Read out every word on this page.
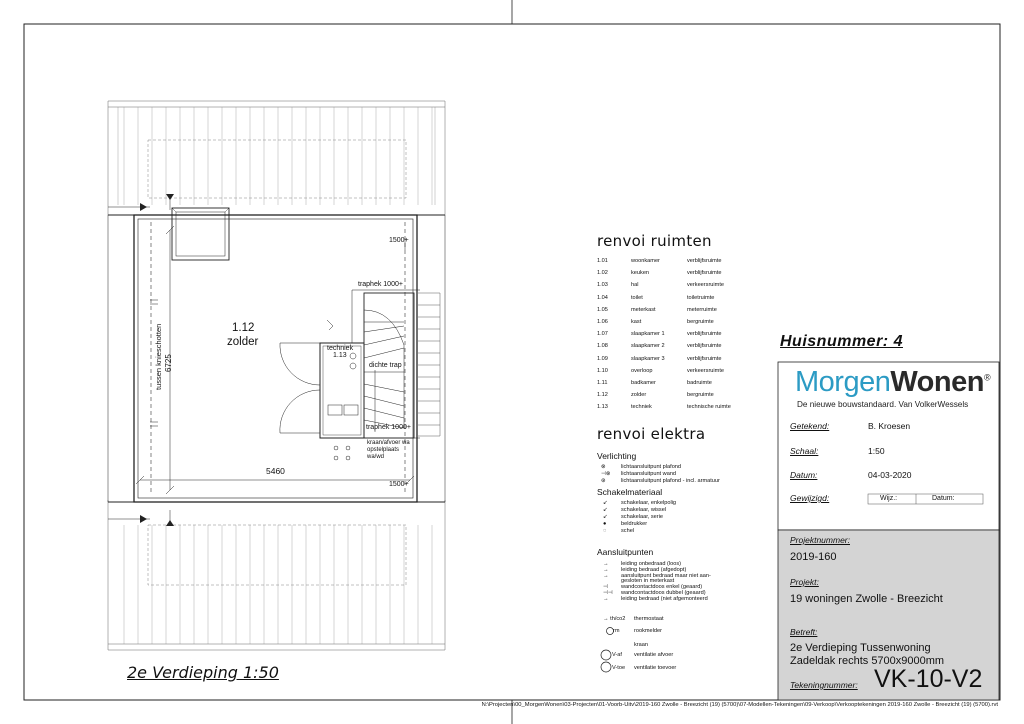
1.12
zolder
techniek
1.13
tussen knieschotten 6725
5460
1500+
1500+
traphek 1000+
traphek 1000+
dichte trap
kraan/afvoer wa
opstelplaats
wa/wd
2e Verdieping 1:50
renvoi ruimten
1.01	woonkamer	verblijfsruimte
1.02	keuken	verblijfsruimte
1.03	hal	verkeersruimte
1.04	toilet	toiletruimte
1.05	meterkast	meterruimte
1.06	kast	bergruimte
1.07	slaapkamer 1	verblijfsruimte
1.08	slaapkamer 2	verblijfsruimte
1.09	slaapkamer 3	verblijfsruimte
1.10	overloop	verkeersruimte
1.11	badkamer	badruimte
1.12	zolder	bergruimte
1.13	techniek	technische ruimte
renvoi elektra
Verlichting
⊗	lichtaansluitpunt plafond
⊣⊗ lichtaansluitpunt wand
⊛	lichtaansluitpunt plafond - incl. armatuur
Schakelmateriaal
↙ schakelaar, enkelpolig
↙ schakelaar, wissel
↙ schakelaar, serie
●	beldrukker
◌	schel
Aansluitpunten
→ leiding onbedraad (loos)
→ leiding bedraad (afgedopt)
→ aansluitpunt bedraad maar niet aan-
gesloten in meterkast
⊣ wandcontactdoos enkel (geaard)
⊣⊣ wandcontactdoos dubbel (geaard)
→ leiding bedraad (niet afgemonteerd
→ th/co2 thermostaat
rm	rookmelder
kraan
V-af ventilatie afvoer
V-toe ventilatie toevoer
Huisnummer: 4
MorgenWonen®
De nieuwe bouwstandaard. Van VolkerWessels
Getekend:	B. Kroesen
Schaal:	1:50
Datum:	04-03-2020
Gewijzigd:	Wijz.:	Datum:
Projektnummer:
2019-160
Projekt:
19 woningen Zwolle - Breezicht
Betreft:
2e Verdieping Tussenwoning
Zadeldak rechts 5700x9000mm
Tekeningnummer: VK-10-V2
N:\Projecten\00_MorgenWonen\03-Projecten\01-Voorb-Uitv\2019-160 Zwolle - Breezicht (19) (5700)\07-Modellen-Tekeningen\09-Verkoop\Verkooptekeningen 2019-160 Zwolle - Breezicht (19) (5700).rvt
